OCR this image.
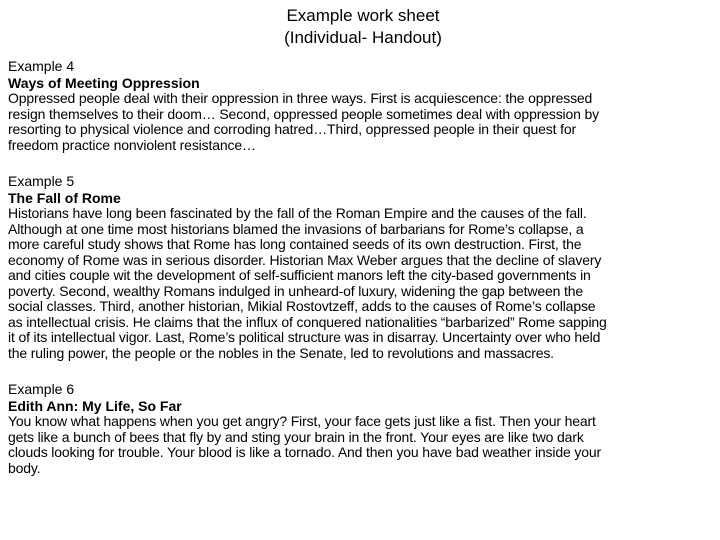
Example work sheet
(Individual- Handout)
Example 4
Ways of Meeting Oppression
Oppressed people deal with their oppression in three ways. First is acquiescence: the oppressed
resign themselves to their doom… Second, oppressed people sometimes deal with oppression by
resorting to physical violence and corroding hatred…Third, oppressed people in their quest for
freedom practice nonviolent resistance…
Example 5
The Fall of Rome
Historians have long been fascinated by the fall of the Roman Empire and the causes of the fall.
Although at one time most historians blamed the invasions of barbarians for Rome’s collapse, a
more careful study shows that Rome has long contained seeds of its own destruction. First, the
economy of Rome was in serious disorder. Historian Max Weber argues that the decline of slavery
and cities couple wit the development of self-sufficient manors left the city-based governments in
poverty. Second, wealthy Romans indulged in unheard-of luxury, widening the gap between the
social classes. Third, another historian, Mikial Rostovtzeff, adds to the causes of Rome’s collapse
as intellectual crisis. He claims that the influx of conquered nationalities “barbarized” Rome sapping
it of its intellectual vigor. Last, Rome’s political structure was in disarray. Uncertainty over who held
the ruling power, the people or the nobles in the Senate, led to revolutions and massacres.
Example 6
Edith Ann: My Life, So Far
You know what happens when you get angry? First, your face gets just like a fist. Then your heart
gets like a bunch of bees that fly by and sting your brain in the front. Your eyes are like two dark
clouds looking for trouble. Your blood is like a tornado. And then you have bad weather inside your
body.
